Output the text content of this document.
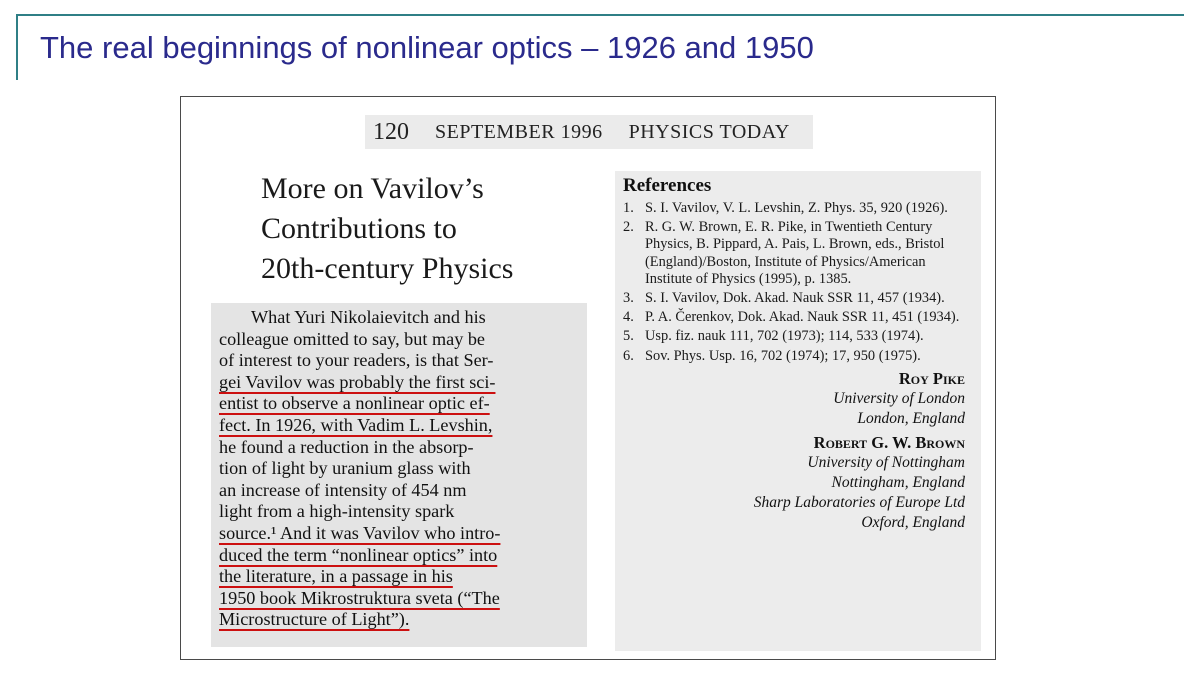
The real beginnings of nonlinear optics – 1926 and 1950
120 SEPTEMBER 1996 PHYSICS TODAY
More on Vavilov’s
Contributions to
20th-century Physics
What Yuri Nikolaievitch and his
colleague omitted to say, but may be
of interest to your readers, is that Ser-
gei Vavilov was probably the first sci-
entist to observe a nonlinear optic ef-
fect. In 1926, with Vadim L. Levshin,
he found a reduction in the absorp-
tion of light by uranium glass with
an increase of intensity of 454 nm
light from a high-intensity spark
source.¹ And it was Vavilov who intro-
duced the term “nonlinear optics” into
the literature, in a passage in his
1950 book Mikrostruktura sveta (“The
Microstructure of Light”).
References
1. S. I. Vavilov, V. L. Levshin, Z. Phys. 35, 920 (1926).
2. R. G. W. Brown, E. R. Pike, in Twentieth Century Physics, B. Pippard, A. Pais, L. Brown, eds., Bristol (England)/Boston, Institute of Physics/American Institute of Physics (1995), p. 1385.
3. S. I. Vavilov, Dok. Akad. Nauk SSR 11, 457 (1934).
4. P. A. Čerenkov, Dok. Akad. Nauk SSR 11, 451 (1934).
5. Usp. fiz. nauk 111, 702 (1973); 114, 533 (1974).
6. Sov. Phys. Usp. 16, 702 (1974); 17, 950 (1975).
Roy Pike
University of London
London, England
Robert G. W. Brown
University of Nottingham
Nottingham, England
Sharp Laboratories of Europe Ltd
Oxford, England
